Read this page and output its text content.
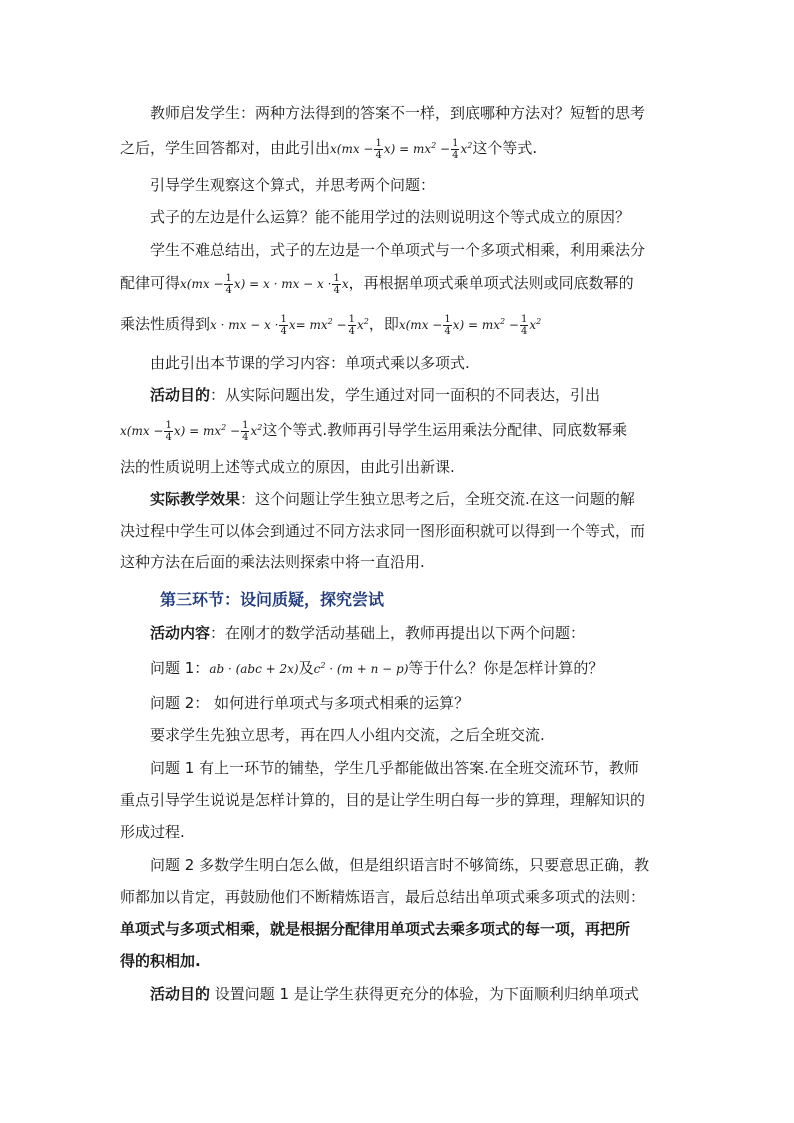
教师启发学生：两种方法得到的答案不一样，到底哪种方法对？短暂的思考
之后，学生回答都对，由此引出$x(mx - \frac{1}{4} x) = mx^2 - \frac{1}{4} x^2$这个等式.
引导学生观察这个算式，并思考两个问题：
式子的左边是什么运算？能不能用学过的法则说明这个等式成立的原因？
学生不难总结出，式子的左边是一个单项式与一个多项式相乘，利用乘法分
配律可得$x(mx - \frac{1}{4} x) = x$ · mx − $x \cdot \frac{1}{4}$ x，再根据单项式乘单项式法则或同底数幂的
乘法性质得到x · mx − $x \cdot \frac{1}{4} x= mx^2 - \frac{1}{4} x^2$，即$x(mx - \frac{1}{4} x) = mx^2 - \frac{1}{4} x^2$
由此引出本节课的学习内容：单项式乘以多项式.
活动目的：从实际问题出发，学生通过对同一面积的不同表达，引出
$x(mx - \frac{1}{4} x) = mx^2 - \frac{1}{4} x^2$这个等式.教师再引导学生运用乘法分配律、同底数幂乘
法的性质说明上述等式成立的原因，由此引出新课.
实际教学效果：这个问题让学生独立思考之后，全班交流.在这一问题的解
决过程中学生可以体会到通过不同方法求同一图形面积就可以得到一个等式，而
这种方法在后面的乘法法则探索中将一直沿用.
第三环节：设问质疑，探究尝试
活动内容：在刚才的数学活动基础上，教师再提出以下两个问题：
问题 1：ab · (abc + 2x)及$c^2 \cdot (m + n - p)$等于什么？你是怎样计算的？
问题 2： 如何进行单项式与多项式相乘的运算？
要求学生先独立思考，再在四人小组内交流，之后全班交流.
问题 1 有上一环节的铺垫，学生几乎都能做出答案.在全班交流环节，教师
重点引导学生说说是怎样计算的，目的是让学生明白每一步的算理，理解知识的
形成过程.
问题 2 多数学生明白怎么做，但是组织语言时不够简练，只要意思正确，教
师都加以肯定，再鼓励他们不断精炼语言，最后总结出单项式乘多项式的法则：
单项式与多项式相乘，就是根据分配律用单项式去乘多项式的每一项，再把所
得的积相加.
活动目的 设置问题 1 是让学生获得更充分的体验，为下面顺利归纳单项式
